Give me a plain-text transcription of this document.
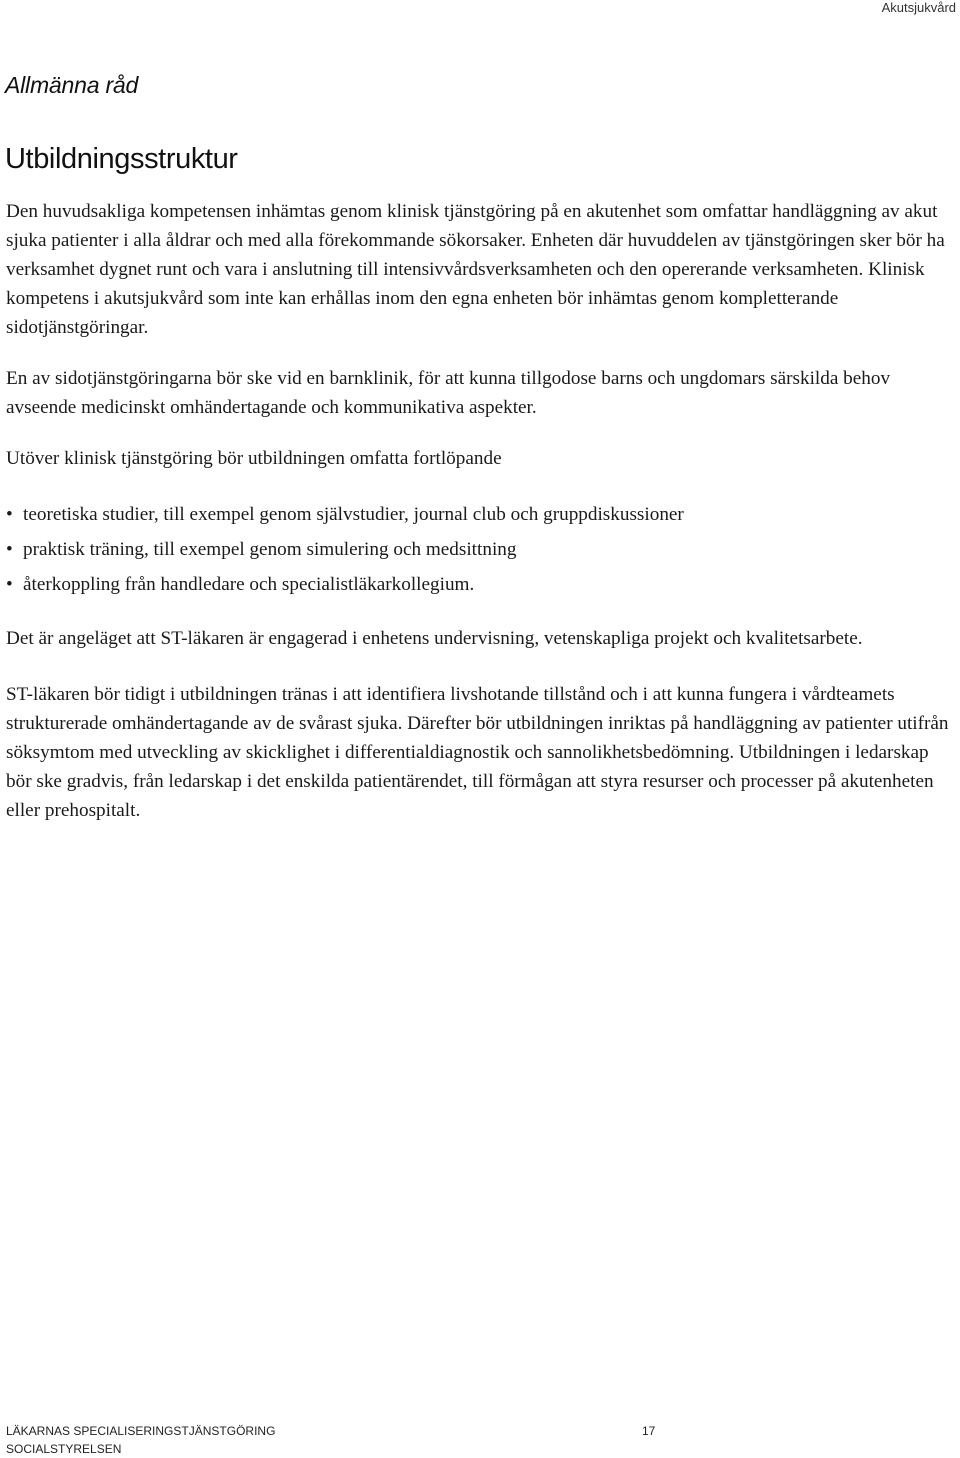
Akutsjukvård
Allmänna råd
Utbildningsstruktur

Den huvudsakliga kompetensen inhämtas genom klinisk tjänstgöring på en akutenhet som omfattar handläggning av akut sjuka patienter i alla åldrar och med alla förekommande sökorsaker. Enheten där huvuddelen av tjänstgöringen sker bör ha verksamhet dygnet runt och vara i anslutning till intensivvårdsverksamheten och den opererande verksamheten. Klinisk kompetens i akutsjukvård som inte kan erhållas inom den egna enheten bör inhämtas genom kompletterande sidotjänstgöringar.

En av sidotjänstgöringarna bör ske vid en barnklinik, för att kunna tillgodose barns och ungdomars särskilda behov avseende medicinskt omhändertagande och kommunikativa aspekter.

Utöver klinisk tjänstgöring bör utbildningen omfatta fortlöpande

• teoretiska studier, till exempel genom självstudier, journal club och gruppdiskussioner
• praktisk träning, till exempel genom simulering och medsittning
• återkoppling från handledare och specialistläkarkollegium.

Det är angeläget att ST-läkaren är engagerad i enhetens undervisning, vetenskapliga projekt och kvalitetsarbete.

ST-läkaren bör tidigt i utbildningen tränas i att identifiera livshotande tillstånd och i att kunna fungera i vårdteamets strukturerade omhändertagande av de svårast sjuka. Därefter bör utbildningen inriktas på handläggning av patienter utifrån söksymtom med utveckling av skicklighet i differentialdiagnostik och sannolikhetsbedömning. Utbildningen i ledarskap bör ske gradvis, från ledarskap i det enskilda patientärendet, till förmågan att styra resurser och processer på akutenheten eller prehospitalt.

LÄKARNAS SPECIALISERINGSTJÄNSTGÖRING
SOCIALSTYRELSEN
17
